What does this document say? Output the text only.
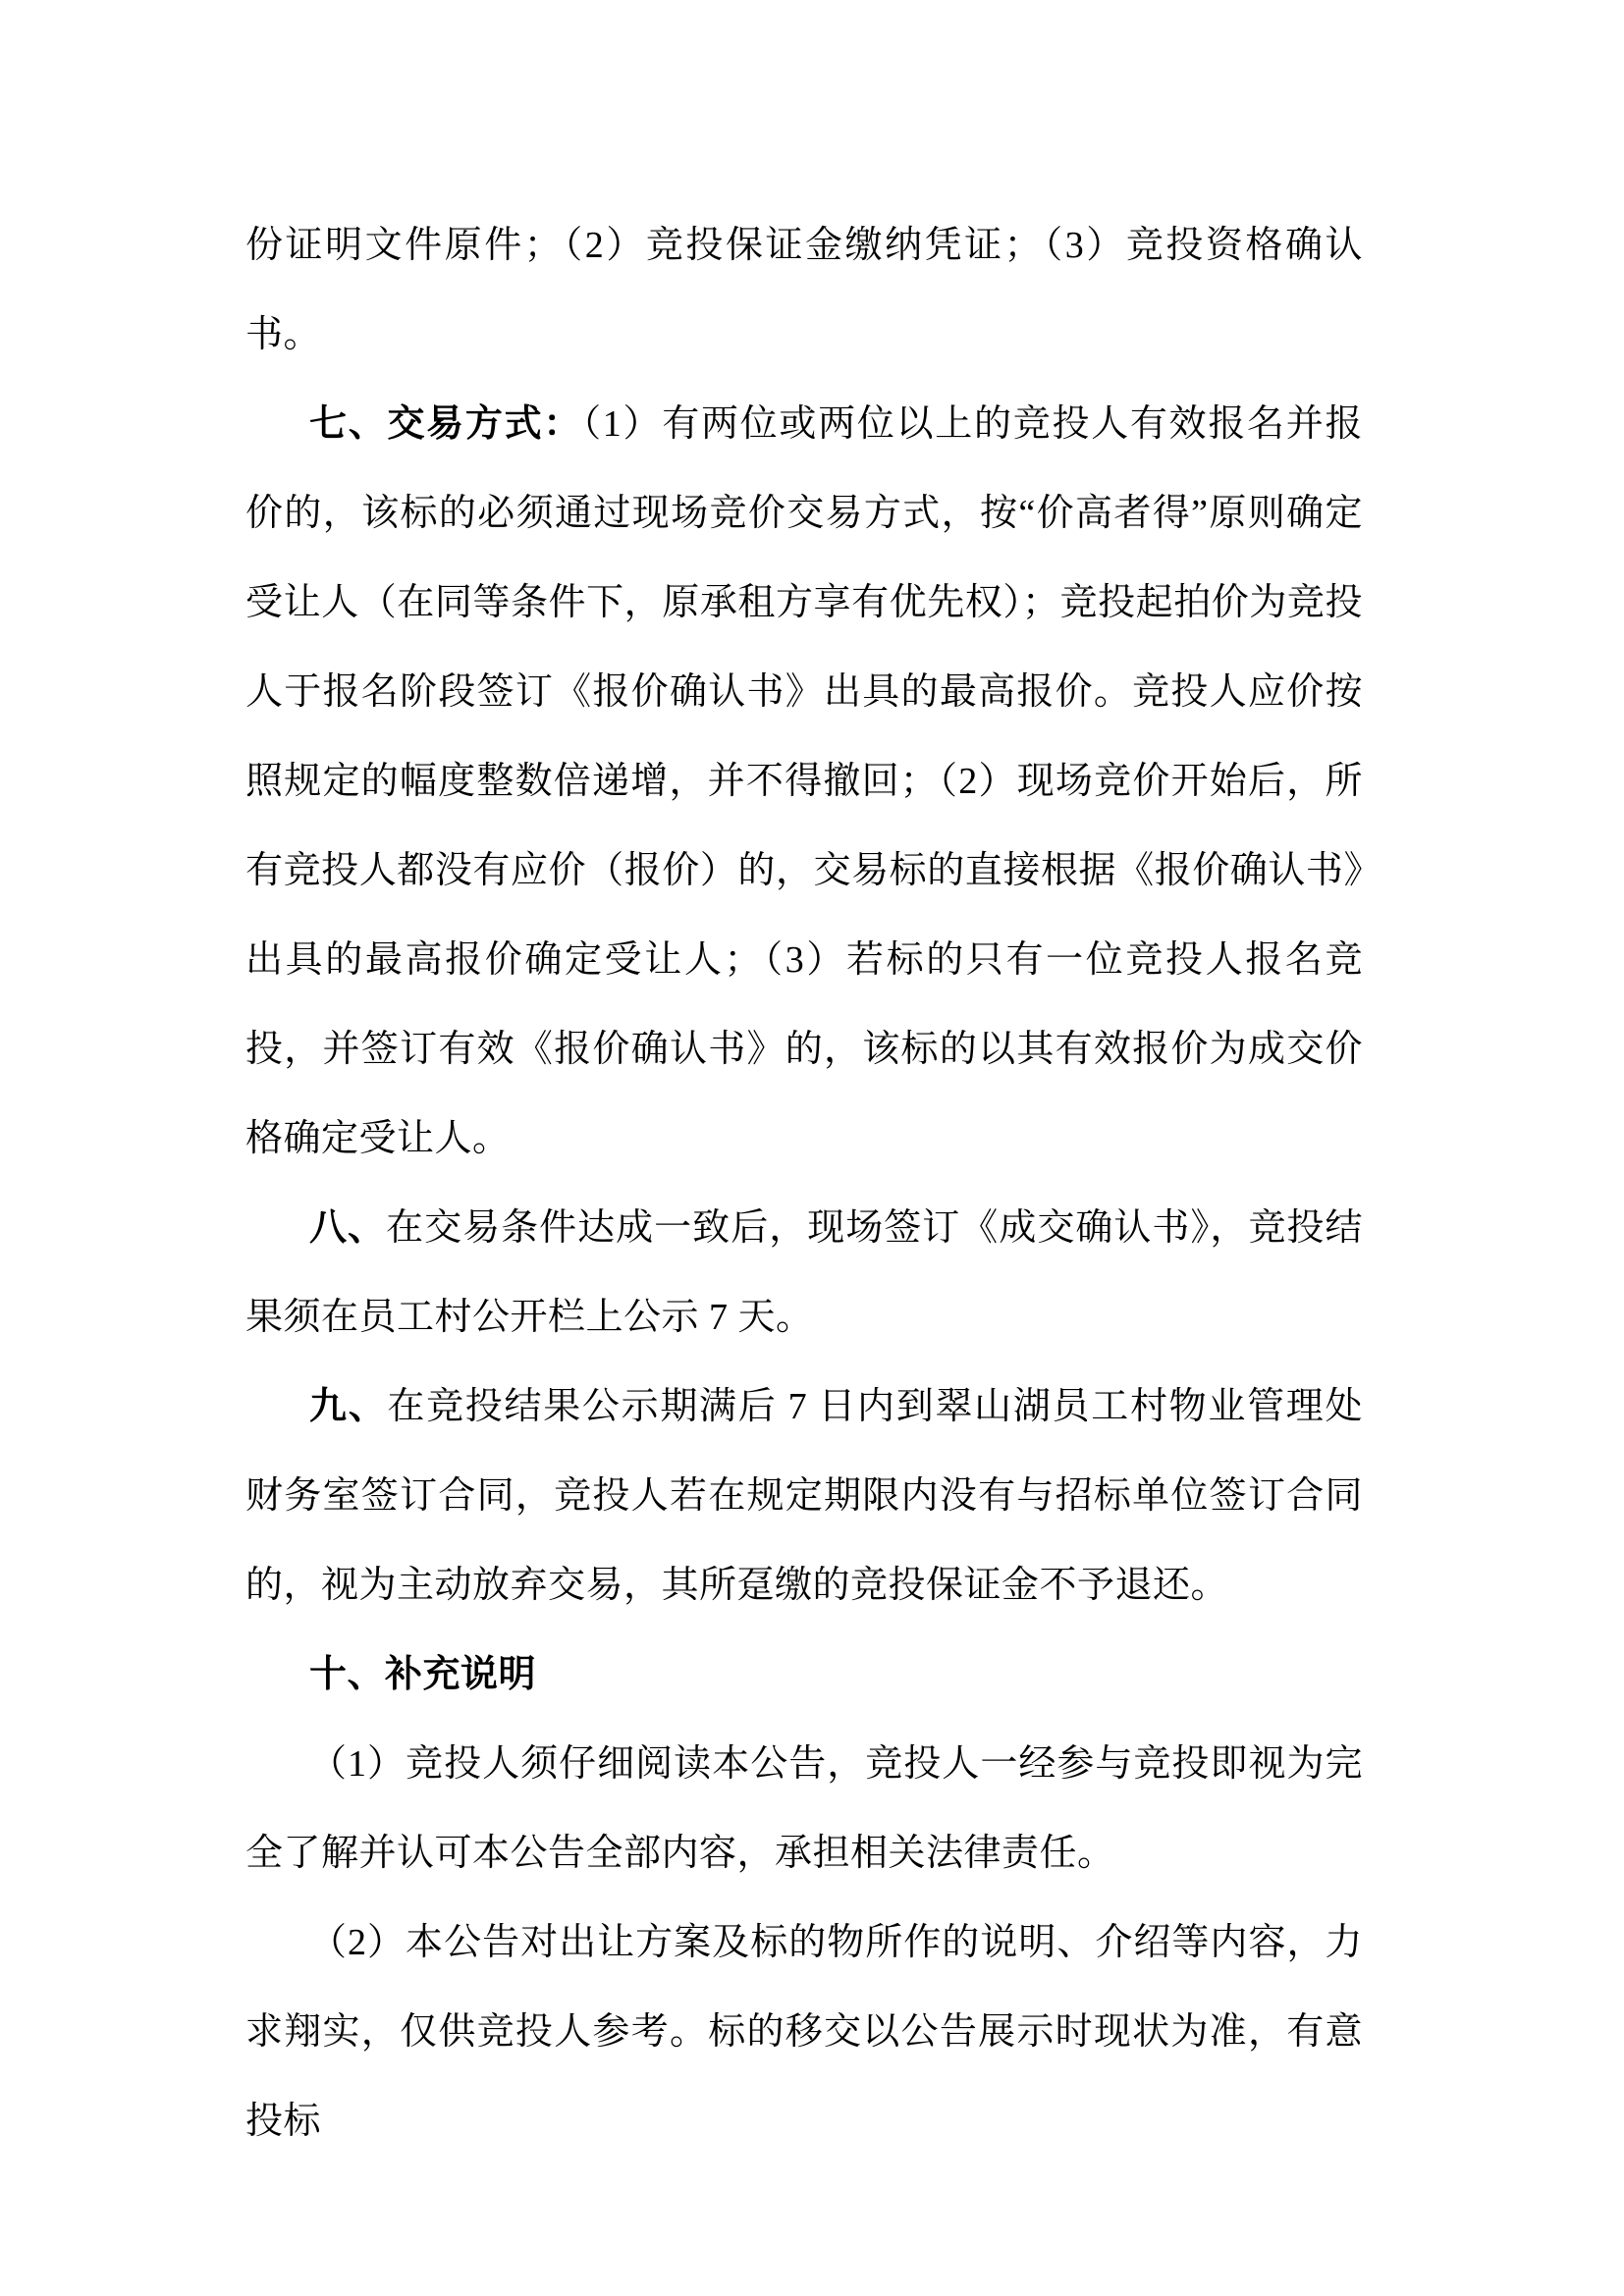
份证明文件原件；（2）竞投保证金缴纳凭证；（3）竞投资格确认书。

七、交易方式：（1）有两位或两位以上的竞投人有效报名并报价的，该标的必须通过现场竞价交易方式，按“价高者得”原则确定受让人（在同等条件下，原承租方享有优先权）；竞投起拍价为竞投人于报名阶段签订《报价确认书》出具的最高报价。竞投人应价按照规定的幅度整数倍递增，并不得撤回；（2）现场竞价开始后，所有竞投人都没有应价（报价）的，交易标的直接根据《报价确认书》出具的最高报价确定受让人；（3）若标的只有一位竞投人报名竞投，并签订有效《报价确认书》的，该标的以其有效报价为成交价格确定受让人。

八、在交易条件达成一致后，现场签订《成交确认书》，竞投结果须在员工村公开栏上公示 7 天。

九、在竞投结果公示期满后 7 日内到翠山湖员工村物业管理处财务室签订合同，竞投人若在规定期限内没有与招标单位签订合同的，视为主动放弃交易，其所趸缴的竞投保证金不予退还。

十、补充说明

（1）竞投人须仔细阅读本公告，竞投人一经参与竞投即视为完全了解并认可本公告全部内容，承担相关法律责任。

（2）本公告对出让方案及标的物所作的说明、介绍等内容，力求翔实，仅供竞投人参考。标的移交以公告展示时现状为准，有意投标
